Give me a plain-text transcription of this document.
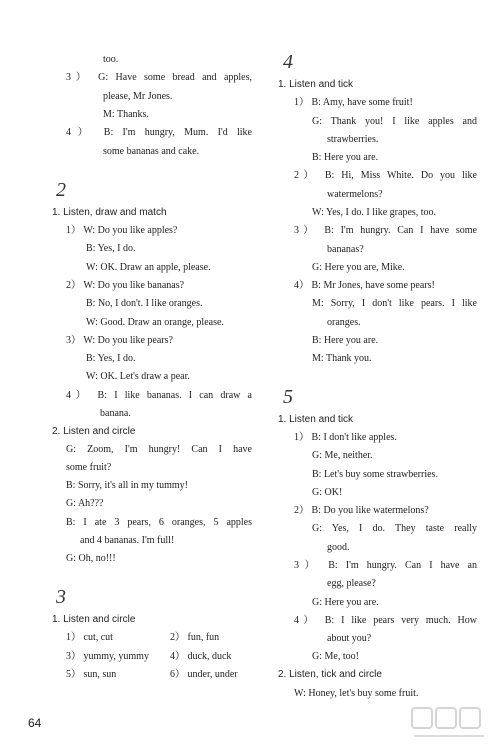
too.
3） G: Have some bread and apples,
please, Mr Jones.
M: Thanks.
4） B: I'm hungry, Mum. I'd like
some bananas and cake.
2
1. Listen, draw and match
1） W: Do you like apples?
B: Yes, I do.
W: OK. Draw an apple, please.
2） W: Do you like bananas?
B: No, I don't. I like oranges.
W: Good. Draw an orange, please.
3） W: Do you like pears?
B: Yes, I do.
W: OK. Let's draw a pear.
4） B: I like bananas. I can draw a
banana.
2. Listen and circle
G: Zoom, I'm hungry! Can I have
some fruit?
B: Sorry, it's all in my tummy!
G: Ah???
B: I ate 3 pears, 6 oranges, 5 apples
and 4 bananas. I'm full!
G: Oh, no!!!
3
1. Listen and circle
1） cut, cut	2） fun, fun
3） yummy, yummy 4） duck, duck
5） sun, sun	6） under, under
4
1. Listen and tick
1） B: Amy, have some fruit!
G: Thank you! I like apples and
strawberries.
B: Here you are.
2） B: Hi, Miss White. Do you like
watermelons?
W: Yes, I do. I like grapes, too.
3） B: I'm hungry. Can I have some
bananas?
G: Here you are, Mike.
4） B: Mr Jones, have some pears!
M: Sorry, I don't like pears. I like
oranges.
B: Here you are.
M: Thank you.
5
1. Listen and tick
1） B: I don't like apples.
G: Me, neither.
B: Let's buy some strawberries.
G: OK!
2） B: Do you like watermelons?
G: Yes, I do. They taste really
good.
3） B: I'm hungry. Can I have an
egg, please?
G: Here you are.
4） B: I like pears very much. How
about you?
G: Me, too!
2. Listen, tick and circle
W: Honey, let's buy some fruit.
64
